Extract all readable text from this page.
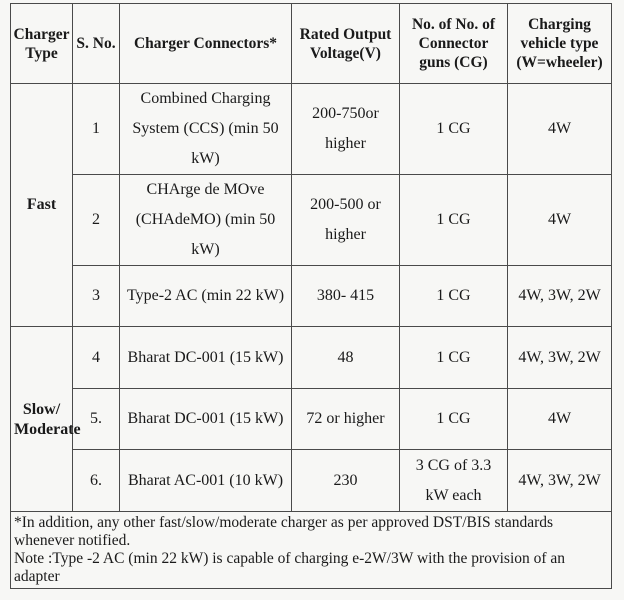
Charger Type	S. No.	Charger Connectors*	Rated Output Voltage(V)	No. of No. of Connector guns (CG)	Charging vehicle type (W=wheeler)
Fast	1	Combined Charging System (CCS) (min 50 kW)	200-750or higher	1 CG	4W
	2	CHArge de MOve (CHAdeMO) (min 50 kW)	200-500 or higher	1 CG	4W
	3	Type-2 AC (min 22 kW)	380- 415	1 CG	4W, 3W, 2W
Slow/ Moderate	4	Bharat DC-001 (15 kW)	48	1 CG	4W, 3W, 2W
	5.	Bharat DC-001 (15 kW)	72 or higher	1 CG	4W
	6.	Bharat AC-001 (10 kW)	230	3 CG of 3.3 kW each	4W, 3W, 2W

*In addition, any other fast/slow/moderate charger as per approved DST/BIS standards whenever notified.
Note :Type -2 AC (min 22 kW) is capable of charging e-2W/3W with the provision of an adapter					
